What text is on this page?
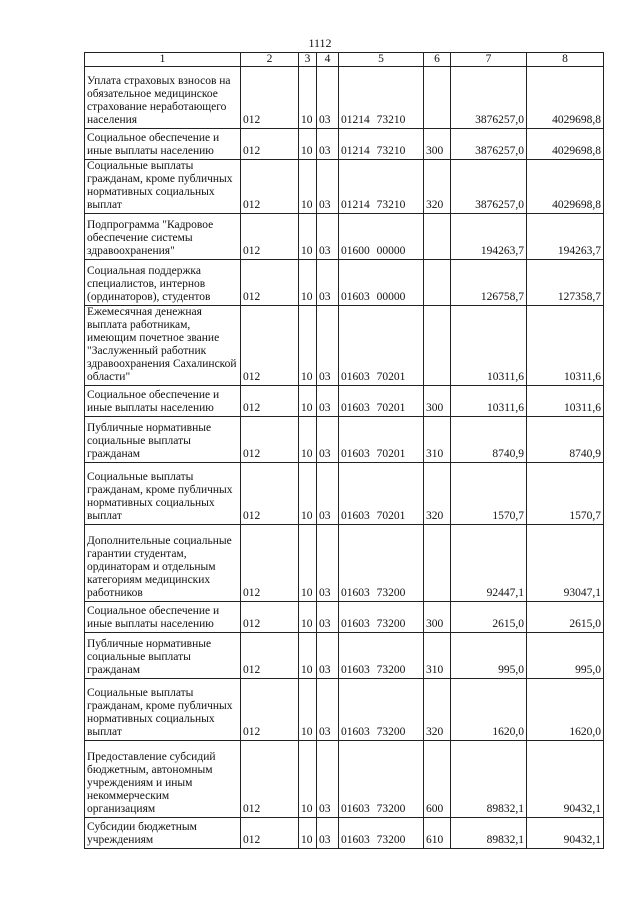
1112
1	2	3	4	5	6	7	8
Уплата страховых взносов на обязательное медицинское страхование неработающего населения	012	10	03	01214 73210		3876257,0	4029698,8
Социальное обеспечение и иные выплаты населению	012	10	03	01214 73210	300	3876257,0	4029698,8
Социальные выплаты гражданам, кроме публичных нормативных социальных выплат	012	10	03	01214 73210	320	3876257,0	4029698,8
Подпрограмма "Кадровое обеспечение системы здравоохранения"	012	10	03	01600 00000		194263,7	194263,7
Социальная поддержка специалистов, интернов (ординаторов), студентов	012	10	03	01603 00000		126758,7	127358,7
Ежемесячная денежная выплата работникам, имеющим почетное звание "Заслуженный работник здравоохранения Сахалинской области"	012	10	03	01603 70201		10311,6	10311,6
Социальное обеспечение и иные выплаты населению	012	10	03	01603 70201	300	10311,6	10311,6
Публичные нормативные социальные выплаты гражданам	012	10	03	01603 70201	310	8740,9	8740,9
Социальные выплаты гражданам, кроме публичных нормативных социальных выплат	012	10	03	01603 70201	320	1570,7	1570,7
Дополнительные социальные гарантии студентам, ординаторам и отдельным категориям медицинских работников	012	10	03	01603 73200		92447,1	93047,1
Социальное обеспечение и иные выплаты населению	012	10	03	01603 73200	300	2615,0	2615,0
Публичные нормативные социальные выплаты гражданам	012	10	03	01603 73200	310	995,0	995,0
Социальные выплаты гражданам, кроме публичных нормативных социальных выплат	012	10	03	01603 73200	320	1620,0	1620,0
Предоставление субсидий бюджетным, автономным учреждениям и иным некоммерческим организациям	012	10	03	01603 73200	600	89832,1	90432,1
Субсидии бюджетным учреждениям	012	10	03	01603 73200	610	89832,1	90432,1
